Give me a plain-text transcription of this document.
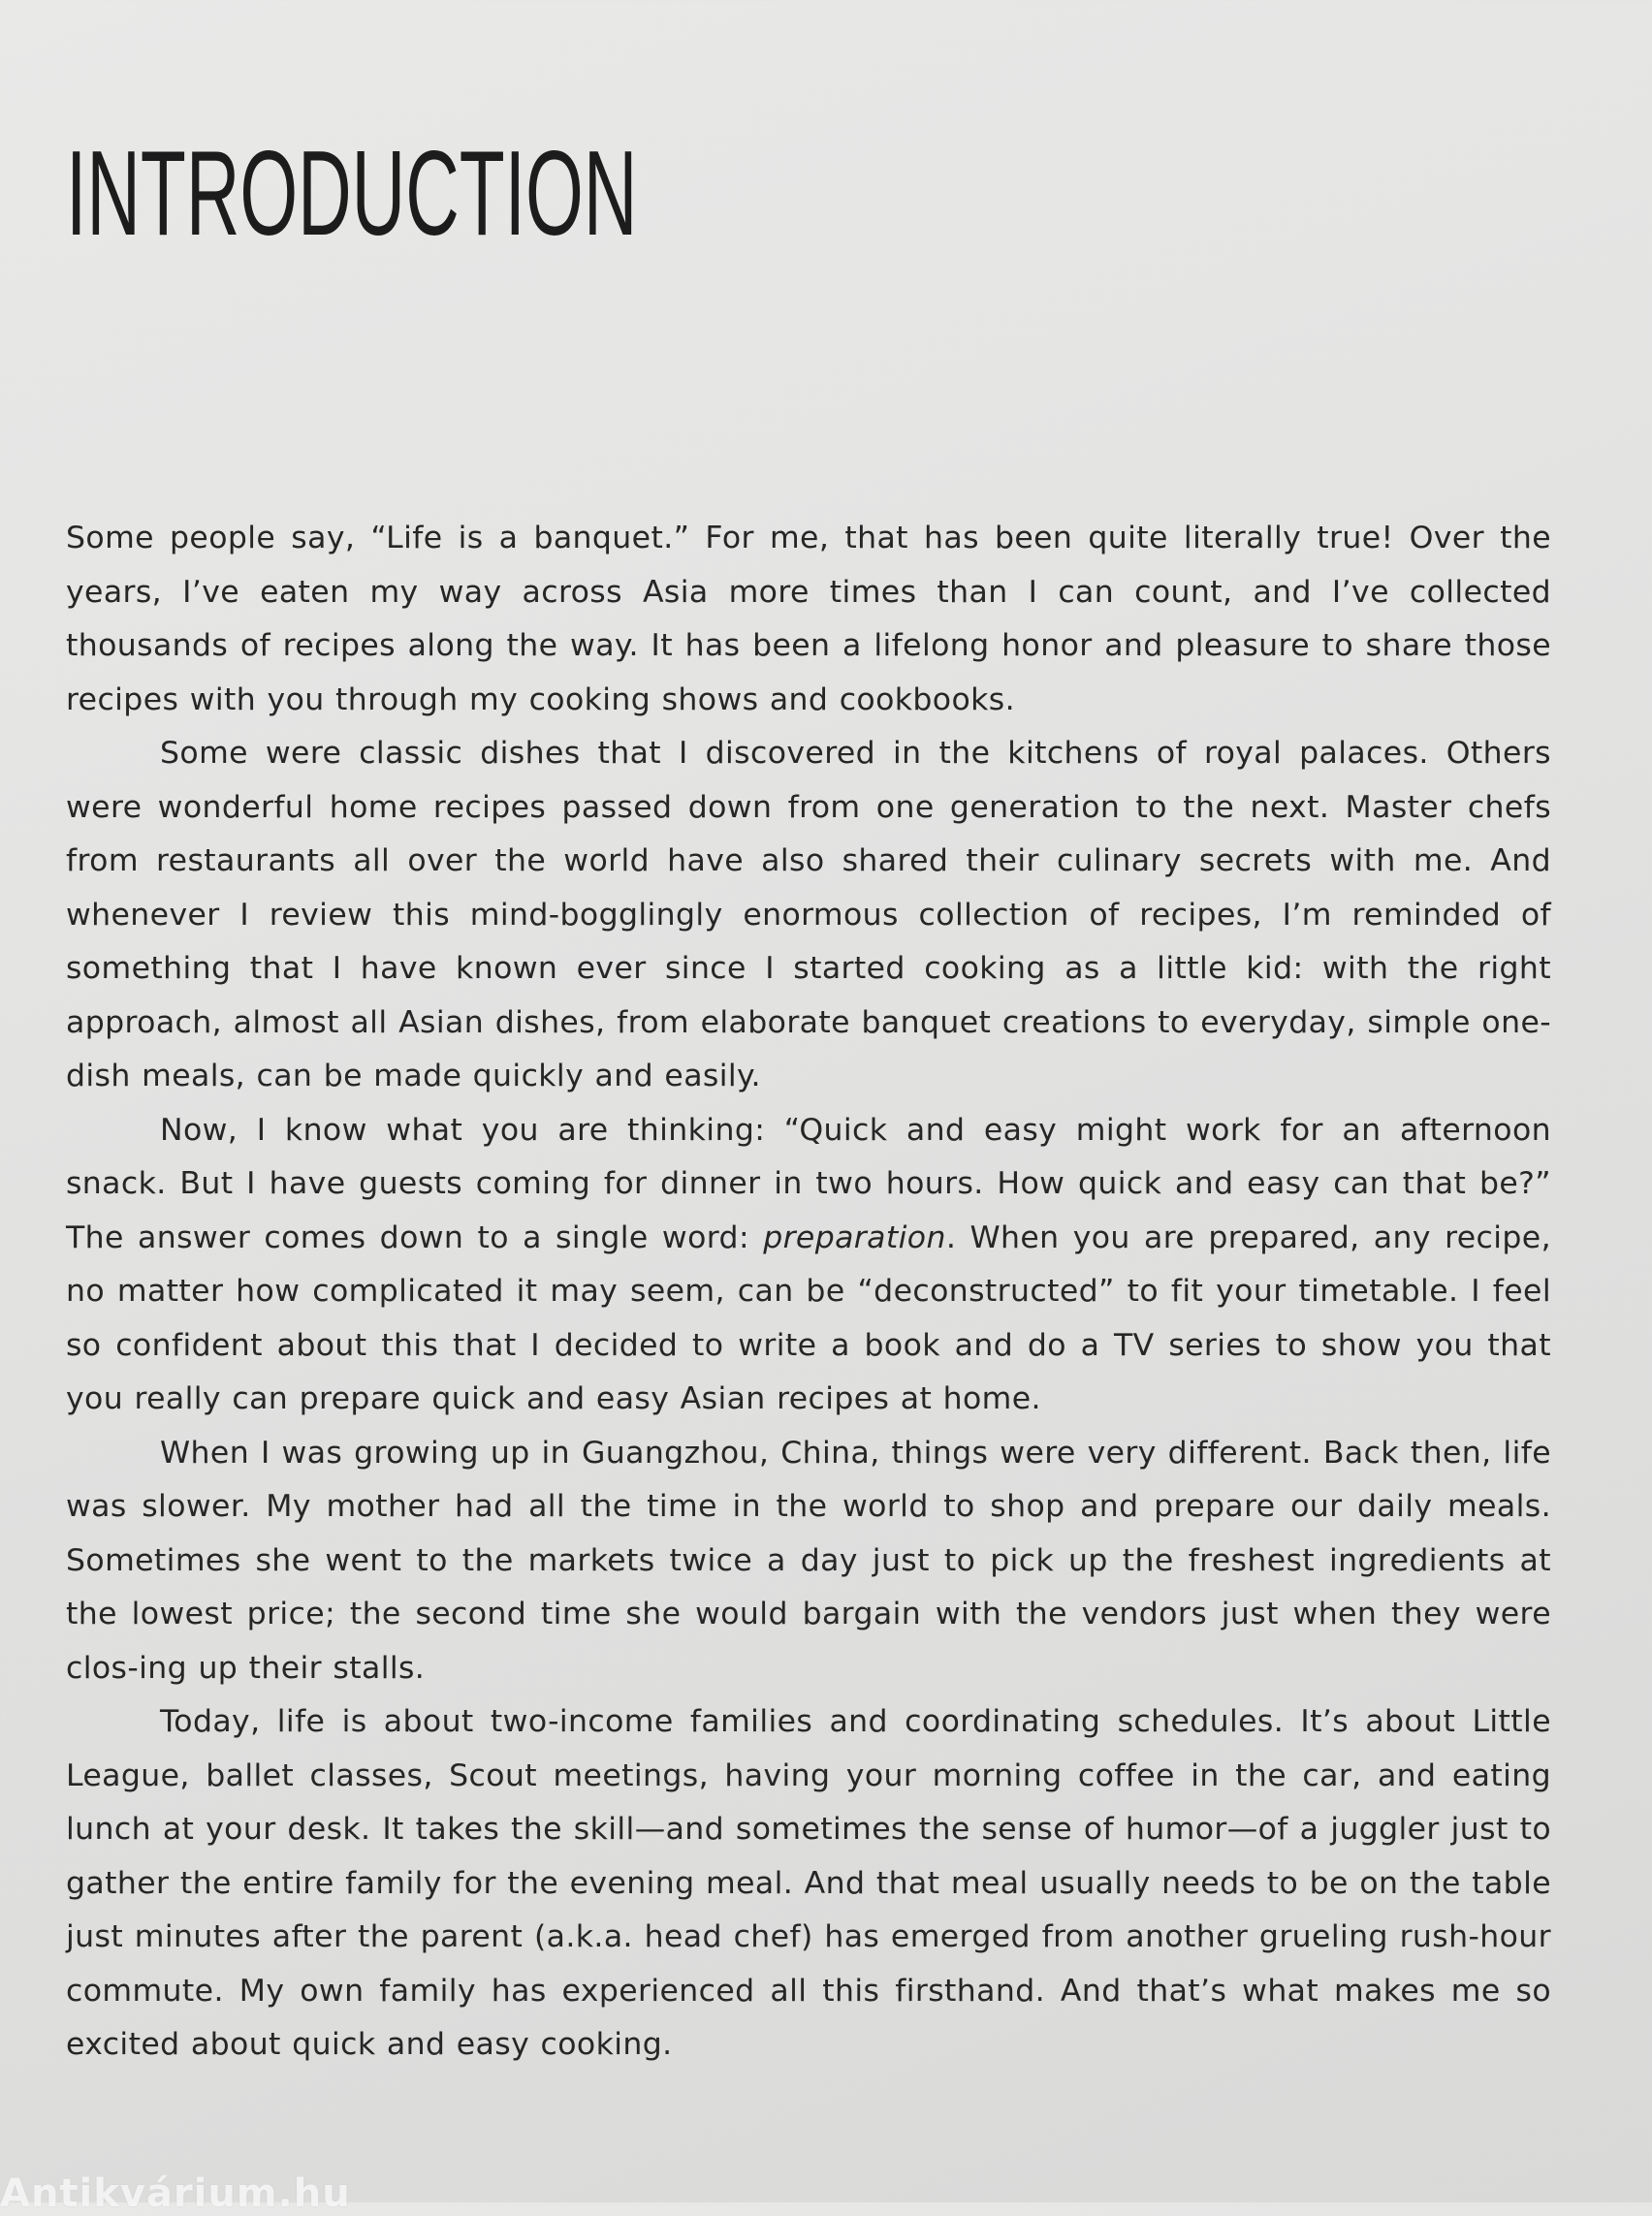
INTRODUCTION

Some people say, “Life is a banquet.” For me, that has been quite literally true! Over the years, I’ve eaten my way across Asia more times than I can count, and I’ve collected thousands of recipes along the way. It has been a lifelong honor and pleasure to share those recipes with you through my cooking shows and cookbooks.

Some were classic dishes that I discovered in the kitchens of royal palaces. Others were wonderful home recipes passed down from one generation to the next. Master chefs from restaurants all over the world have also shared their culinary secrets with me. And whenever I review this mind-bogglingly enormous collection of recipes, I’m reminded of something that I have known ever since I started cooking as a little kid: with the right approach, almost all Asian dishes, from elaborate banquet creations to everyday, simple one-dish meals, can be made quickly and easily.

Now, I know what you are thinking: “Quick and easy might work for an afternoon snack. But I have guests coming for dinner in two hours. How quick and easy can that be?” The answer comes down to a single word: preparation. When you are prepared, any recipe, no matter how complicated it may seem, can be “deconstructed” to fit your timetable. I feel so confident about this that I decided to write a book and do a TV series to show you that you really can prepare quick and easy Asian recipes at home.

When I was growing up in Guangzhou, China, things were very different. Back then, life was slower. My mother had all the time in the world to shop and prepare our daily meals. Sometimes she went to the markets twice a day just to pick up the freshest ingredients at the lowest price; the second time she would bargain with the vendors just when they were clos-ing up their stalls.

Today, life is about two-income families and coordinating schedules. It’s about Little League, ballet classes, Scout meetings, having your morning coffee in the car, and eating lunch at your desk. It takes the skill—and sometimes the sense of humor—of a juggler just to gather the entire family for the evening meal. And that meal usually needs to be on the table just minutes after the parent (a.k.a. head chef) has emerged from another grueling rush-hour commute. My own family has experienced all this firsthand. And that’s what makes me so excited about quick and easy cooking.

Antikvárium.hu
